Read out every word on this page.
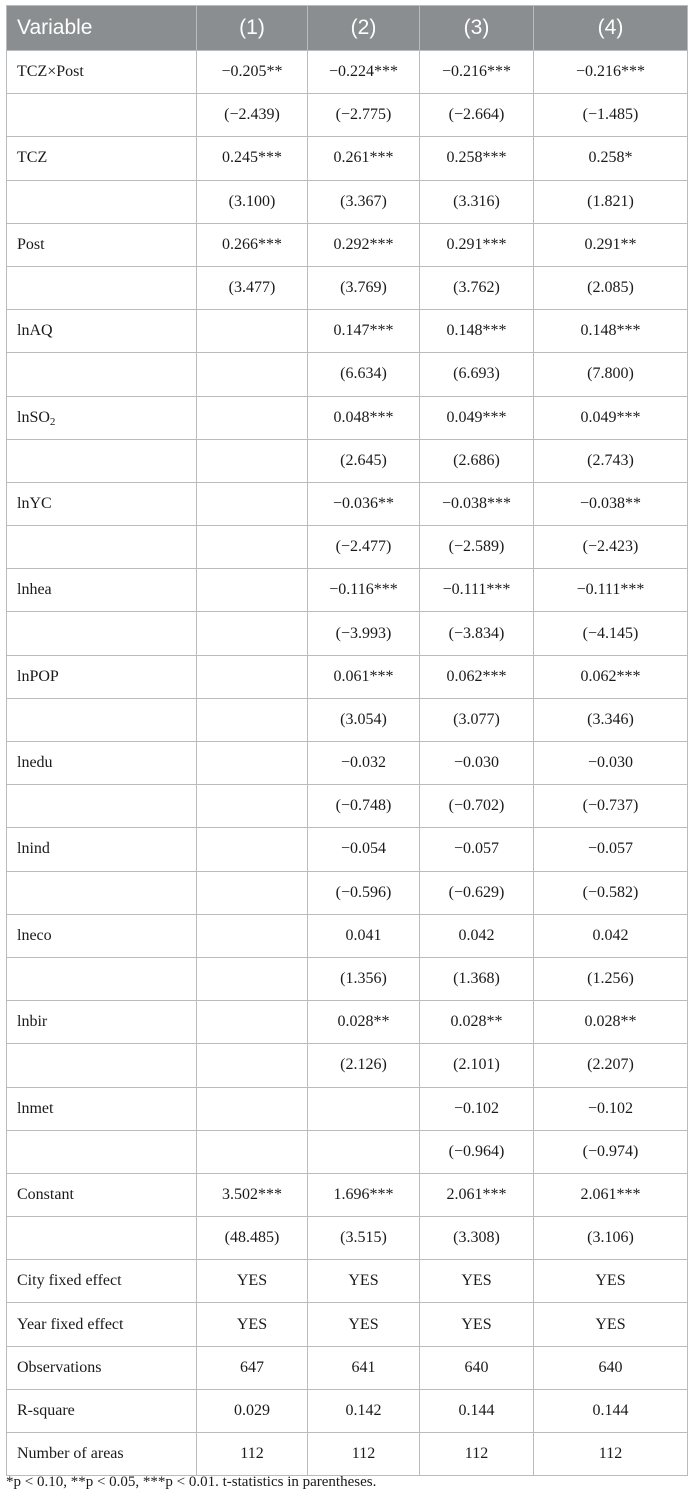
Variable	(1)	(2)	(3)	(4)
TCZ×Post	−0.205**	−0.224***	−0.216***	−0.216***
	(−2.439)	(−2.775)	(−2.664)	(−1.485)
TCZ	0.245***	0.261***	0.258***	0.258*
	(3.100)	(3.367)	(3.316)	(1.821)
Post	0.266***	0.292***	0.291***	0.291**
	(3.477)	(3.769)	(3.762)	(2.085)
lnAQ		0.147***	0.148***	0.148***
		(6.634)	(6.693)	(7.800)
lnSO$_2$		0.048***	0.049***	0.049***
		(2.645)	(2.686)	(2.743)
lnYC		−0.036**	−0.038***	−0.038**
		(−2.477)	(−2.589)	(−2.423)
lnhea		−0.116***	−0.111***	−0.111***
		(−3.993)	(−3.834)	(−4.145)
lnPOP		0.061***	0.062***	0.062***
		(3.054)	(3.077)	(3.346)
lnedu		−0.032	−0.030	−0.030
		(−0.748)	(−0.702)	(−0.737)
lnind		−0.054	−0.057	−0.057
		(−0.596)	(−0.629)	(−0.582)
lneco		0.041	0.042	0.042
		(1.356)	(1.368)	(1.256)
lnbir		0.028**	0.028**	0.028**
		(2.126)	(2.101)	(2.207)
lnmet			−0.102	−0.102
			(−0.964)	(−0.974)
Constant	3.502***	1.696***	2.061***	2.061***
	(48.485)	(3.515)	(3.308)	(3.106)
City fixed effect	YES	YES	YES	YES
Year fixed effect	YES	YES	YES	YES
Observations	647	641	640	640
R-square	0.029	0.142	0.144	0.144
Number of areas	112	112	112	112
*p < 0.10, **p < 0.05, ***p < 0.01. t-statistics in parentheses.
